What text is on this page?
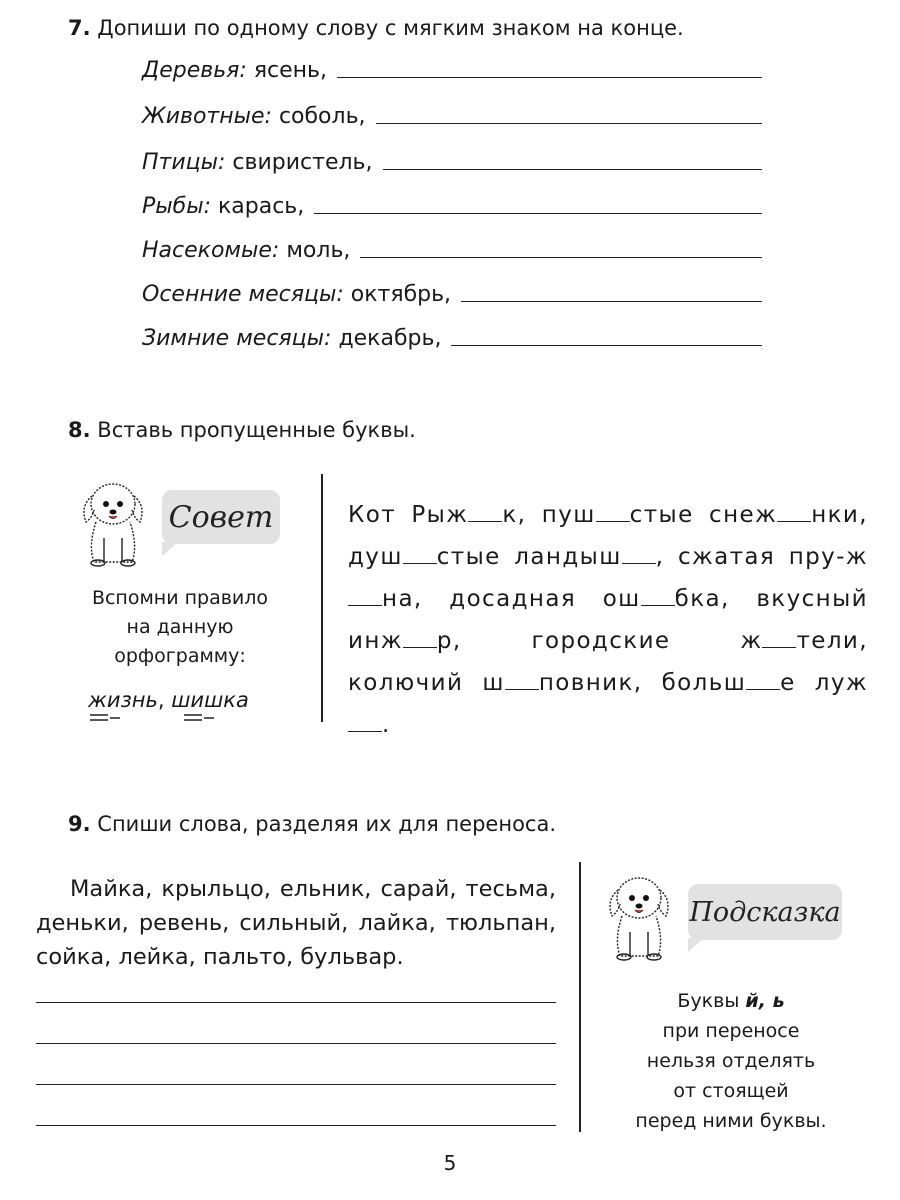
7. Допиши по одному слову с мягким знаком на конце.
Деревья:
ясень,
Животные:
соболь,
Птицы:
свиристель,
Рыбы:
карась,
Насекомые:
моль,
Осенние месяцы:
октябрь,
Зимние месяцы:
декабрь,
8. Вставь пропущенные буквы.
Совет
Вспомни правило
на данную
орфограмму:
жизнь, шишка
Кот Рыж к, пуш стые снеж нки, душ стые ландыш , сжатая пру-жна, досадная ош бка, вкусный инж р, городские ж тели, колючий ш повник, больш е луж.
9. Спиши слова, разделяя их для переноса.
Майка, крыльцо, ельник, сарай, тесьма, деньки, ревень, сильный, лайка, тюльпан, сойка, лейка, пальто, бульвар.
Подсказка
Буквы й, ь
при переносе
нельзя отделять
от стоящей
перед ними буквы.
5
